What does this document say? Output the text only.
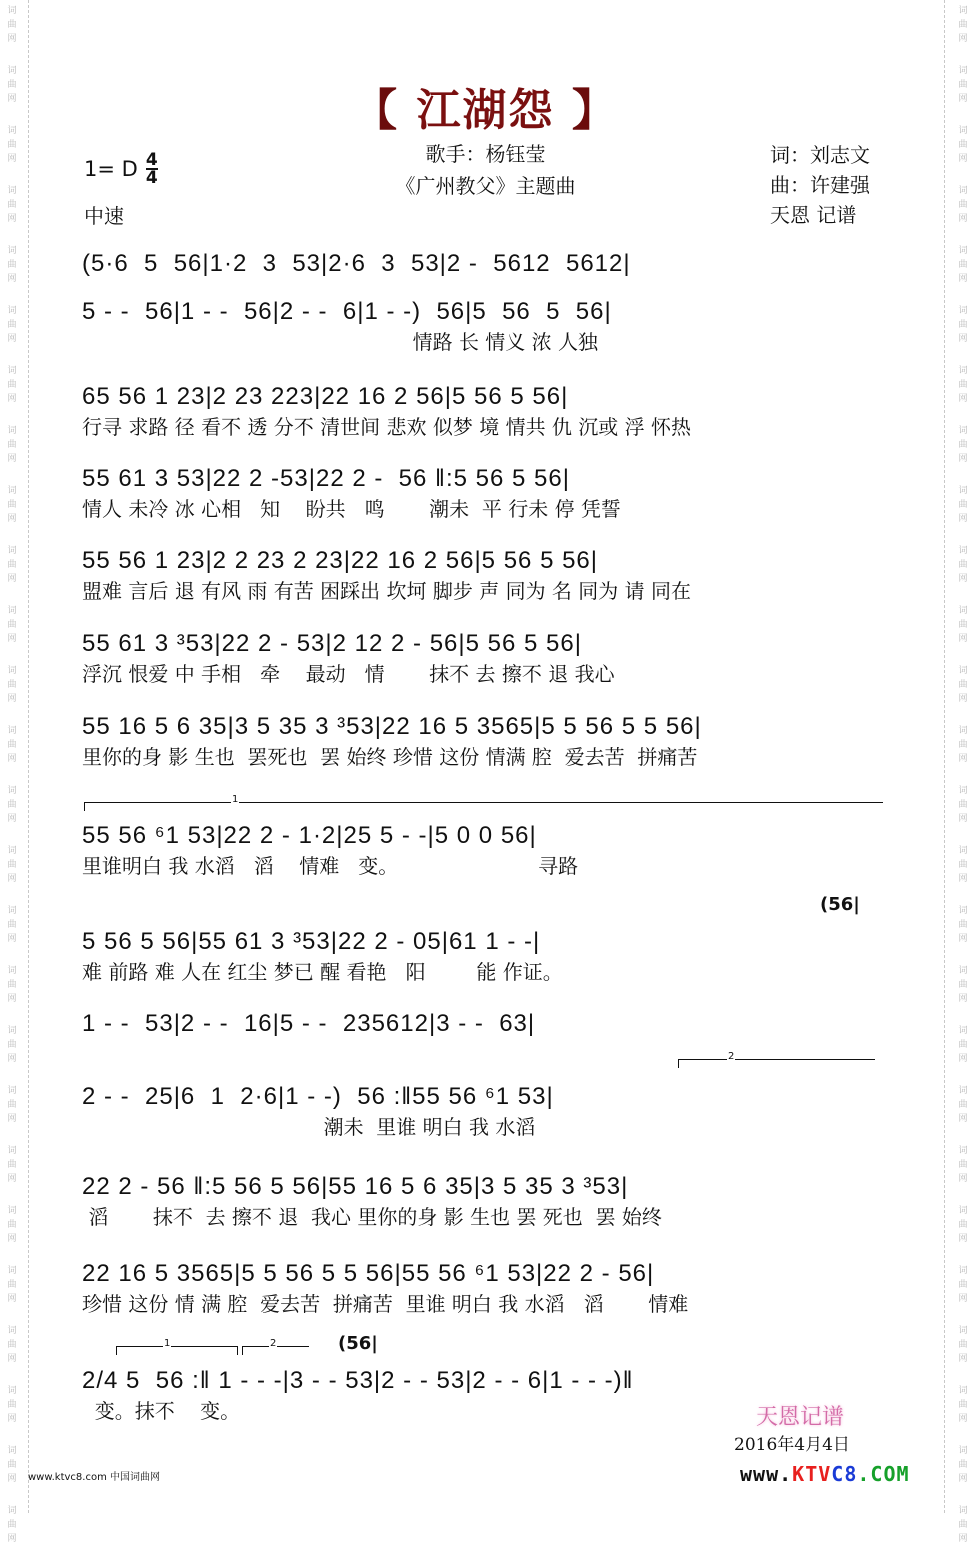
词
曲
网
词
曲
网
词
曲
网
词
曲
网
词
曲
网
词
曲
网
词
曲
网
词
曲
网
词
曲
网
词
曲
网
词
曲
网
词
曲
网
词
曲
网
词
曲
网
词
曲
网
词
曲
网
词
曲
网
词
曲
网
词
曲
网
词
曲
网
词
曲
网
词
曲
网
词
曲
网
词
曲
网
词
曲
网
词
曲
网
词
曲
网
词
曲
网
词
曲
网
词
曲
网
词
曲
网
词
曲
网
词
曲
网
词
曲
网
词
曲
网
词
曲
网
词
曲
网
词
曲
网
词
曲
网
词
曲
网
词
曲
网
词
曲
网
词
曲
网
词
曲
网
词
曲
网
词
曲
网
词
曲
网
词
曲
网
词
曲
网
词
曲
网
词
曲
网
词
曲
网
【 江湖怨 】
歌手：杨钰莹
《广州教父》主题曲
1= D $\frac{4}{4}$
中速
词：刘志文
曲：许建强
天恩 记谱
(5·6  5  56|1·2  3  53|2·6  3  53|2 -  5612  5612|
5 - -  56|1 - -  56|2 - -  6|1 - -)  56|5  56  5  56|
情路 长 情义 浓 人独
65 56 1 23|2 23 223|22 16 2 56|5 56 5 56|
行寻 求路 径 看不 透 分不 清世间 悲欢 似梦 境 情共 仇 沉或 浮 怀热
55 61 3 53|22 2 -53|22 2 -  56 ‖:5 56 5 56|
情人 未冷 冰 心相   知    盼共   鸣       潮未  平 行未 停 凭誓
55 56 1 23|2 2 23 2 23|22 16 2 56|5 56 5 56|
盟难 言后 退 有风 雨 有苦 困踩出 坎坷 脚步 声 同为 名 同为 请 同在
55 61 3 ³53|22 2 - 53|2 12 2 - 56|5 56 5 56|
浮沉 恨爱 中 手相   牵    最动   情       抹不 去 擦不 退 我心
55 16 5 6 35|3 5 35 3 ³53|22 16 5 3565|5 5 56 5 5 56|
里你的身 影 生也  罢死也  罢 始终 珍惜 这份 情满 腔  爱去苦  拼痛苦
55 56 ⁶1 53|22 2 - 1·2|25 5 - -|5 0 0 56|
里谁明白 我 水滔   滔    情难   变。                      寻路
5 56 5 56|55 61 3 ³53|22 2 - 05|61 1 - -|
难 前路 难 人在 红尘 梦已 醒 看艳   阳        能 作证。
(56|
1 - -  53|2 - -  16|5 - -  235612|3 - -  63|
2 - -  25|6  1  2·6|1 - -)  56 :‖55 56 ⁶1 53|
潮未  里谁 明白 我 水滔
22 2 - 56 ‖:5 56 5 56|55 16 5 6 35|3 5 35 3 ³53|
滔       抹不  去 擦不 退  我心 里你的身 影 生也 罢 死也  罢 始终
22 16 5 3565|5 5 56 5 5 56|55 56 ⁶1 53|22 2 - 56|
珍惜 这份 情 满 腔  爱去苦  拼痛苦  里谁 明白 我 水滔   滔       情难
2/4 5  56 :‖ 1 - - -|3 - - 53|2 - - 53|2 - - 6|1 - - -)‖
变。抹不    变。
(56|
1
2
1	2
天恩记谱
2016年4月4日
www.ktvc8.com 中国词曲网	www.KTVC8.COM
